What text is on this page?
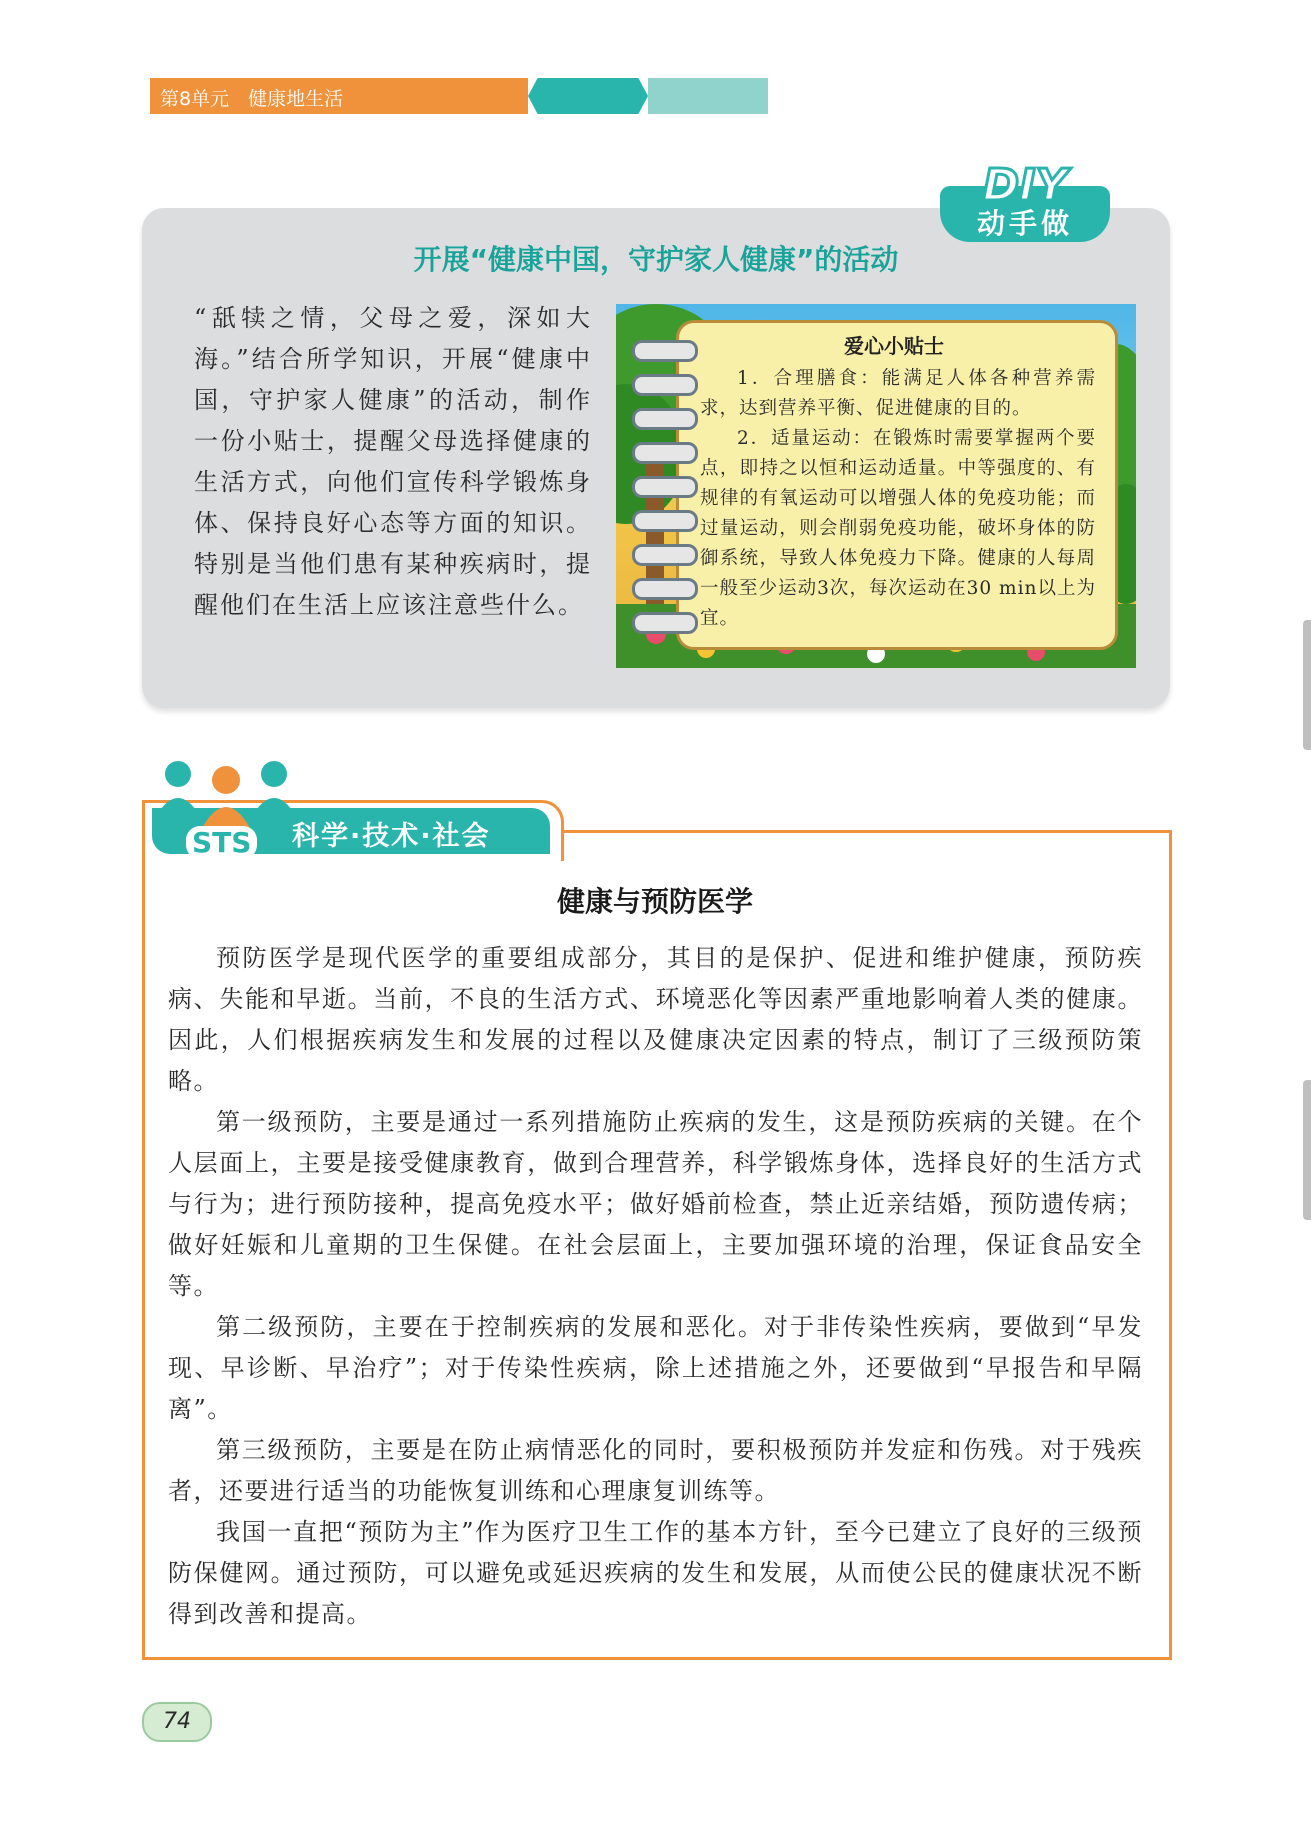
第8单元　健康地生活
DIY
动手做
开展“健康中国，守护家人健康”的活动

“舐犊之情，父母之爱，深如大海。”结合所学知识，开展“健康中国，守护家人健康”的活动，制作一份小贴士，提醒父母选择健康的生活方式，向他们宣传科学锻炼身体、保持良好心态等方面的知识。特别是当他们患有某种疾病时，提醒他们在生活上应该注意些什么。

爱心小贴士

1．合理膳食：能满足人体各种营养需求，达到营养平衡、促进健康的目的。

2．适量运动：在锻炼时需要掌握两个要点，即持之以恒和运动适量。中等强度的、有规律的有氧运动可以增强人体的免疫功能；而过量运动，则会削弱免疫功能，破坏身体的防御系统，导致人体免疫力下降。健康的人每周一般至少运动3次，每次运动在30 min以上为宜。

STS 科学·技术·社会
健康与预防医学

预防医学是现代医学的重要组成部分，其目的是保护、促进和维护健康，预防疾病、失能和早逝。当前，不良的生活方式、环境恶化等因素严重地影响着人类的健康。因此，人们根据疾病发生和发展的过程以及健康决定因素的特点，制订了三级预防策略。

第一级预防，主要是通过一系列措施防止疾病的发生，这是预防疾病的关键。在个人层面上，主要是接受健康教育，做到合理营养，科学锻炼身体，选择良好的生活方式与行为；进行预防接种，提高免疫水平；做好婚前检查，禁止近亲结婚，预防遗传病；做好妊娠和儿童期的卫生保健。在社会层面上，主要加强环境的治理，保证食品安全等。

第二级预防，主要在于控制疾病的发展和恶化。对于非传染性疾病，要做到“早发现、早诊断、早治疗”；对于传染性疾病，除上述措施之外，还要做到“早报告和早隔离”。

第三级预防，主要是在防止病情恶化的同时，要积极预防并发症和伤残。对于残疾者，还要进行适当的功能恢复训练和心理康复训练等。

我国一直把“预防为主”作为医疗卫生工作的基本方针，至今已建立了良好的三级预防保健网。通过预防，可以避免或延迟疾病的发生和发展，从而使公民的健康状况不断得到改善和提高。

74
